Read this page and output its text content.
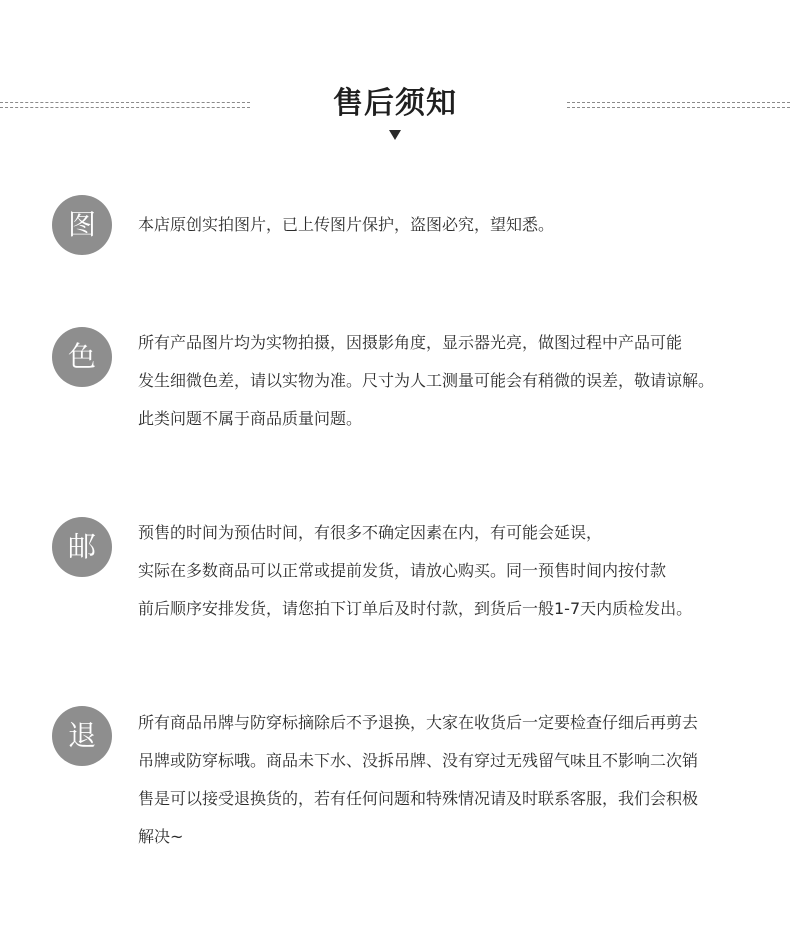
售后须知
图	本店原创实拍图片，已上传图片保护，盗图必究，望知悉。
色	所有产品图片均为实物拍摄，因摄影角度，显示器光亮，做图过程中产品可能
发生细微色差，请以实物为准。尺寸为人工测量可能会有稍微的误差，敬请谅解。
此类问题不属于商品质量问题。
邮	预售的时间为预估时间，有很多不确定因素在内，有可能会延误，
实际在多数商品可以正常或提前发货，请放心购买。同一预售时间内按付款
前后顺序安排发货，请您拍下订单后及时付款，到货后一般1-7天内质检发出。
退	所有商品吊牌与防穿标摘除后不予退换，大家在收货后一定要检查仔细后再剪去
吊牌或防穿标哦。商品未下水、没拆吊牌、没有穿过无残留气味且不影响二次销
售是可以接受退换货的，若有任何问题和特殊情况请及时联系客服，我们会积极
解决~
